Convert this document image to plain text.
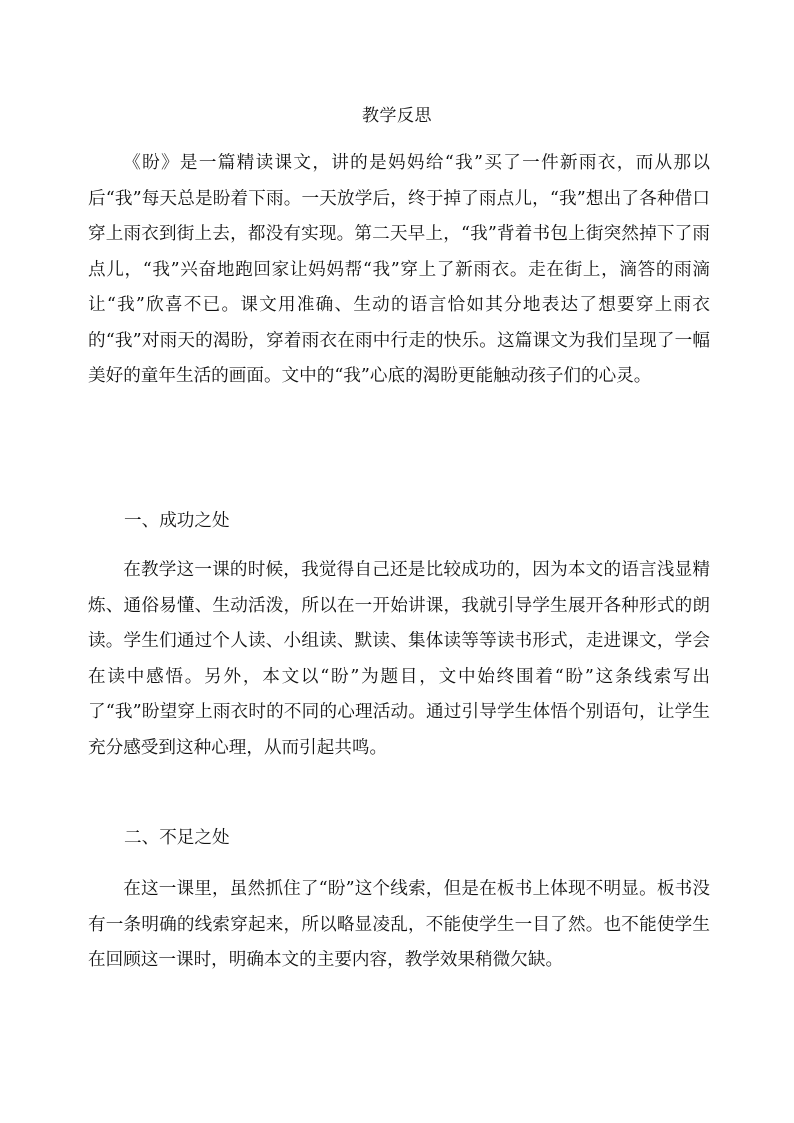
教学反思

《盼》是一篇精读课文，讲的是妈妈给“我”买了一件新雨衣，而从那以后“我”每天总是盼着下雨。一天放学后，终于掉了雨点儿，“我”想出了各种借口穿上雨衣到街上去，都没有实现。第二天早上，“我”背着书包上街突然掉下了雨点儿，“我”兴奋地跑回家让妈妈帮“我”穿上了新雨衣。走在街上，滴答的雨滴让“我”欣喜不已。课文用准确、生动的语言恰如其分地表达了想要穿上雨衣的“我”对雨天的渴盼，穿着雨衣在雨中行走的快乐。这篇课文为我们呈现了一幅美好的童年生活的画面。文中的“我”心底的渴盼更能触动孩子们的心灵。

一、成功之处

在教学这一课的时候，我觉得自己还是比较成功的，因为本文的语言浅显精炼、通俗易懂、生动活泼，所以在一开始讲课，我就引导学生展开各种形式的朗读。学生们通过个人读、小组读、默读、集体读等等读书形式，走进课文，学会在读中感悟。另外，本文以“盼”为题目，文中始终围着“盼”这条线索写出了“我”盼望穿上雨衣时的不同的心理活动。通过引导学生体悟个别语句，让学生充分感受到这种心理，从而引起共鸣。

二、不足之处

在这一课里，虽然抓住了“盼”这个线索，但是在板书上体现不明显。板书没有一条明确的线索穿起来，所以略显凌乱，不能使学生一目了然。也不能使学生在回顾这一课时，明确本文的主要内容，教学效果稍微欠缺。
